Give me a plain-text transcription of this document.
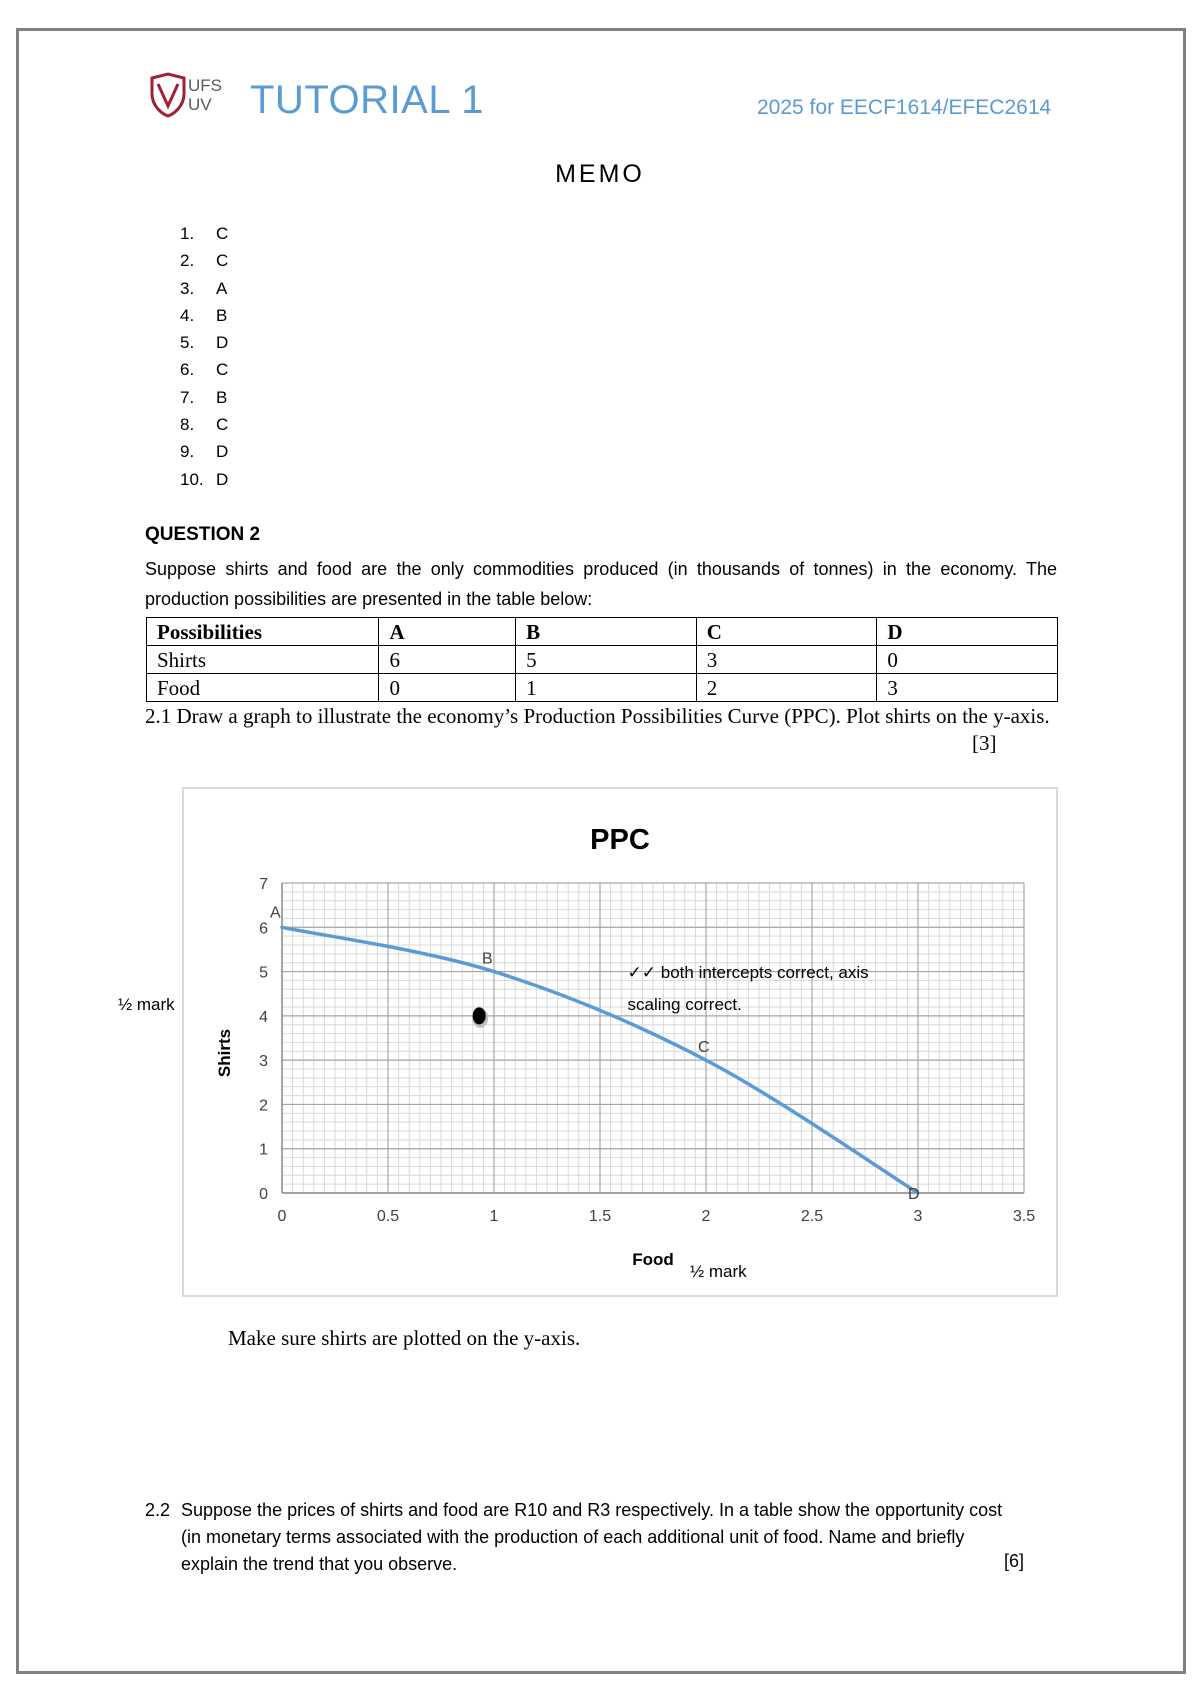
UFS
UV TUTORIAL 1	2025 for EECF1614/EFEC2614
MEMO
1. C
2. C
3. A
4. B
5. D
6. C
7. B
8. C
9. D
10. D
QUESTION 2
Suppose shirts and food are the only commodities produced (in thousands of tonnes) in the economy. The production possibilities are presented in the table below:
Possibilities	A	B	C	D
Shirts	6	5	3	0
Food	0	1	2	3
2.1 Draw a graph to illustrate the economy’s Production Possibilities Curve (PPC). Plot shirts on the y-axis.
[3]
0	0.5	1	1.5	2	2.5	3	3.5
0
1
2
3
4
5
6
7
PPC
Food
Shirts
A
B
C
D
✓✓ both intercepts correct, axis
scaling correct.
½ mark
½ mark
Make sure shirts are plotted on the y-axis.
2.2 Suppose the prices of shirts and food are R10 and R3 respectively. In a table show the opportunity cost (in monetary terms associated with the production of each additional unit of food. Name and briefly explain the trend that you observe.	[6]
